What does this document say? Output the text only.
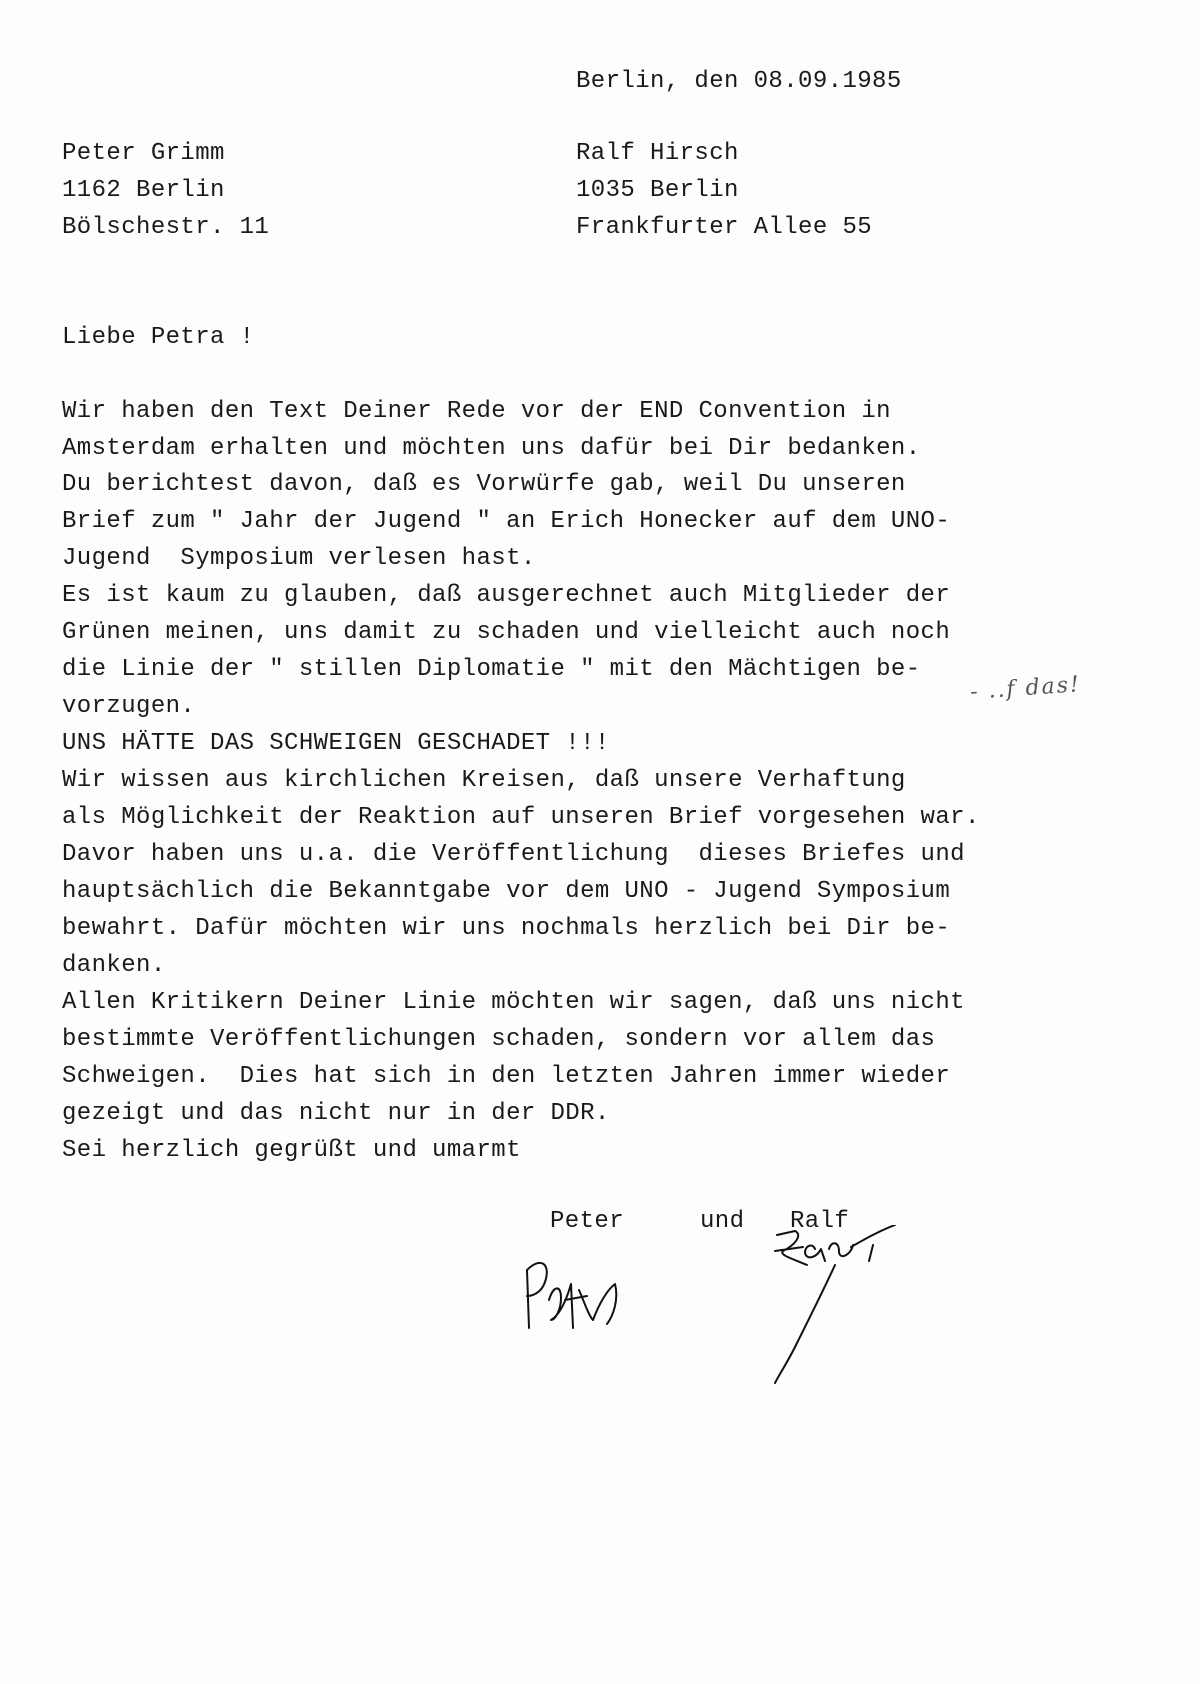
Berlin, den 08.09.1985
Peter Grimm
1162 Berlin
Bölschestr. 11
Ralf Hirsch
1035 Berlin
Frankfurter Allee 55
Liebe Petra !
Wir haben den Text Deiner Rede vor der END Convention in
Amsterdam erhalten und möchten uns dafür bei Dir bedanken.
Du berichtest davon, daß es Vorwürfe gab, weil Du unseren
Brief zum " Jahr der Jugend " an Erich Honecker auf dem UNO-
Jugend  Symposium verlesen hast.
Es ist kaum zu glauben, daß ausgerechnet auch Mitglieder der
Grünen meinen, uns damit zu schaden und vielleicht auch noch
die Linie der " stillen Diplomatie " mit den Mächtigen be-
vorzugen.
UNS HÄTTE DAS SCHWEIGEN GESCHADET !!!
Wir wissen aus kirchlichen Kreisen, daß unsere Verhaftung
als Möglichkeit der Reaktion auf unseren Brief vorgesehen war.
Davor haben uns u.a. die Veröffentlichung  dieses Briefes und
hauptsächlich die Bekanntgabe vor dem UNO - Jugend Symposium
bewahrt. Dafür möchten wir uns nochmals herzlich bei Dir be-
danken.
Allen Kritikern Deiner Linie möchten wir sagen, daß uns nicht
bestimmte Veröffentlichungen schaden, sondern vor allem das
Schweigen.  Dies hat sich in den letzten Jahren immer wieder
gezeigt und das nicht nur in der DDR.
Sei herzlich gegrüßt und umarmt
- ..f das!
Peter	und Ralf
